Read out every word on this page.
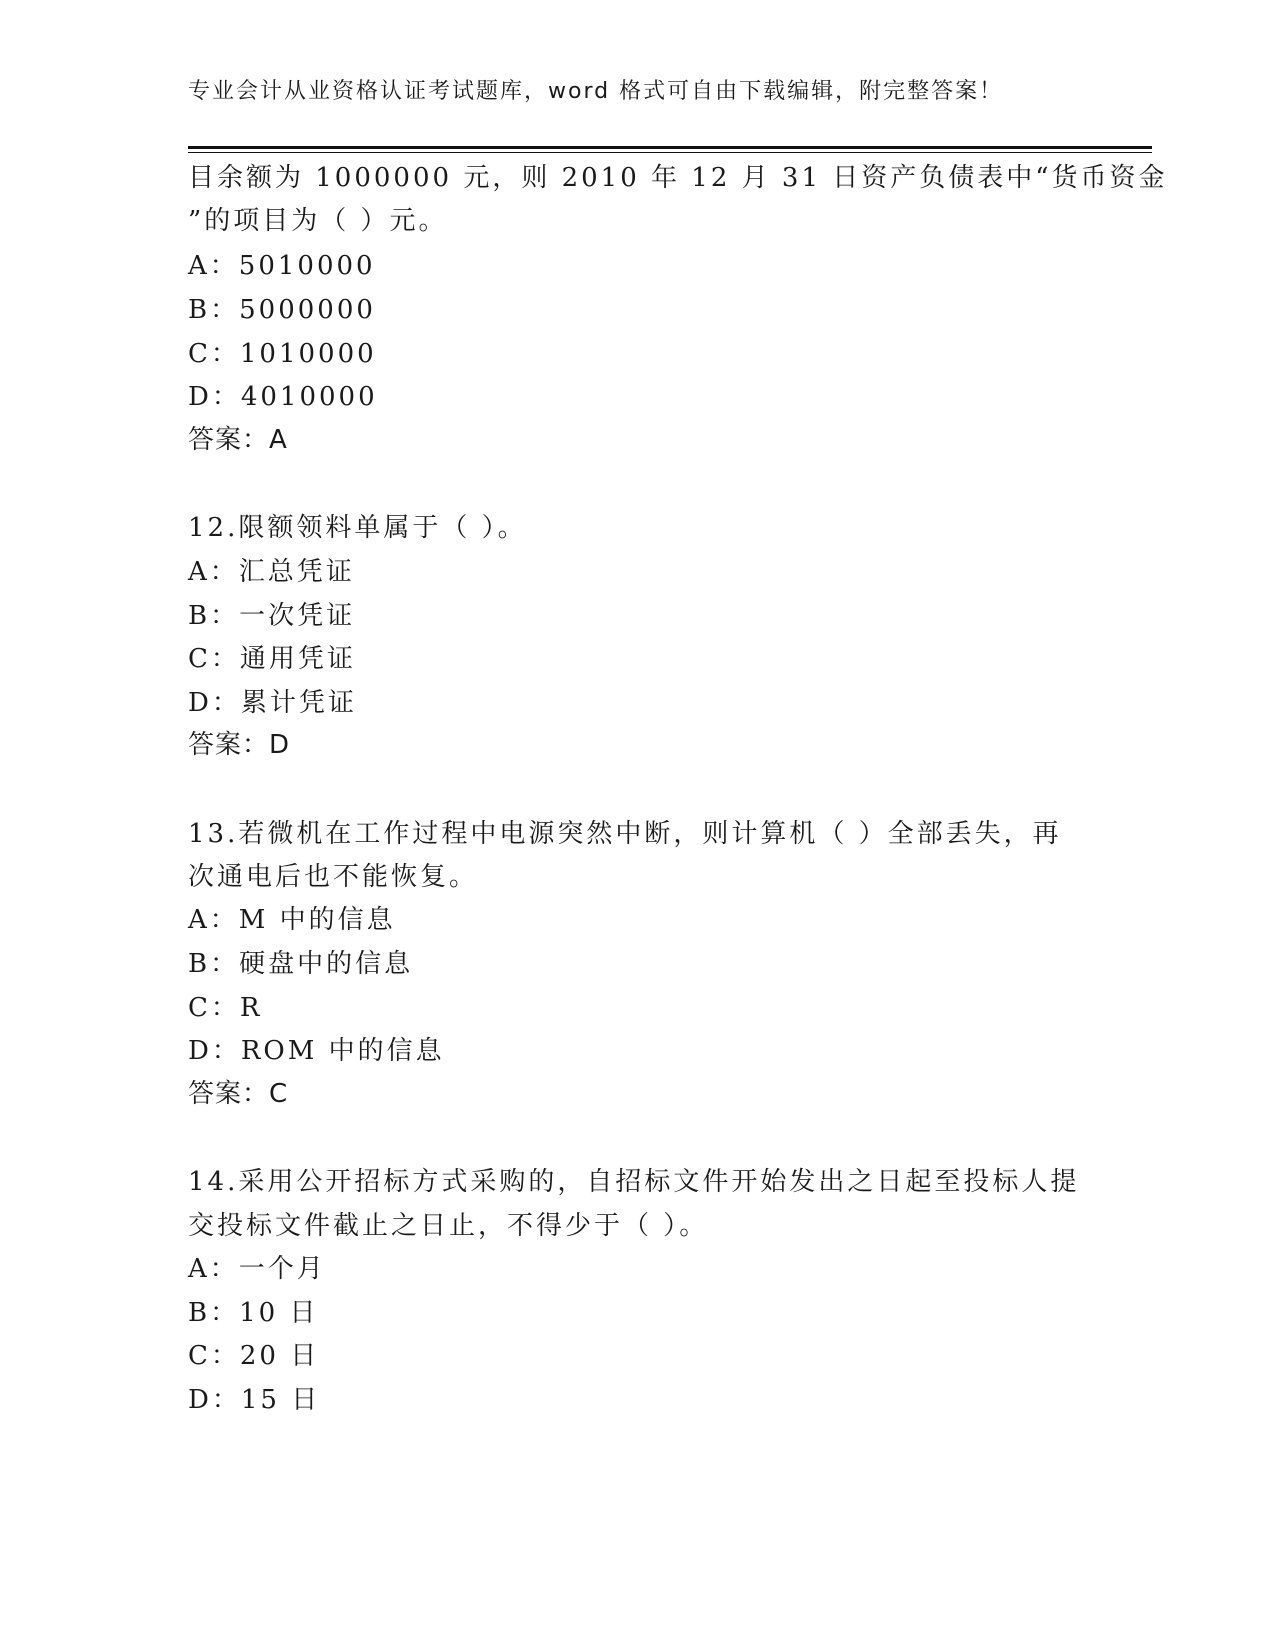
专业会计从业资格认证考试题库，word 格式可自由下载编辑，附完整答案！
目余额为 1000000 元，则 2010 年 12 月 31 日资产负债表中“货币资金
”的项目为（ ）元。
A：5010000
B：5000000
C：1010000
D：4010000
答案：A
12.限额领料单属于（ ）。
A：汇总凭证
B：一次凭证
C：通用凭证
D：累计凭证
答案：D
13.若微机在工作过程中电源突然中断，则计算机（ ）全部丢失，再
次通电后也不能恢复。
A：M 中的信息
B：硬盘中的信息
C：R
D：ROM 中的信息
答案：C
14.采用公开招标方式采购的，自招标文件开始发出之日起至投标人提
交投标文件截止之日止，不得少于（ ）。
A：一个月
B：10 日
C：20 日
D：15 日
